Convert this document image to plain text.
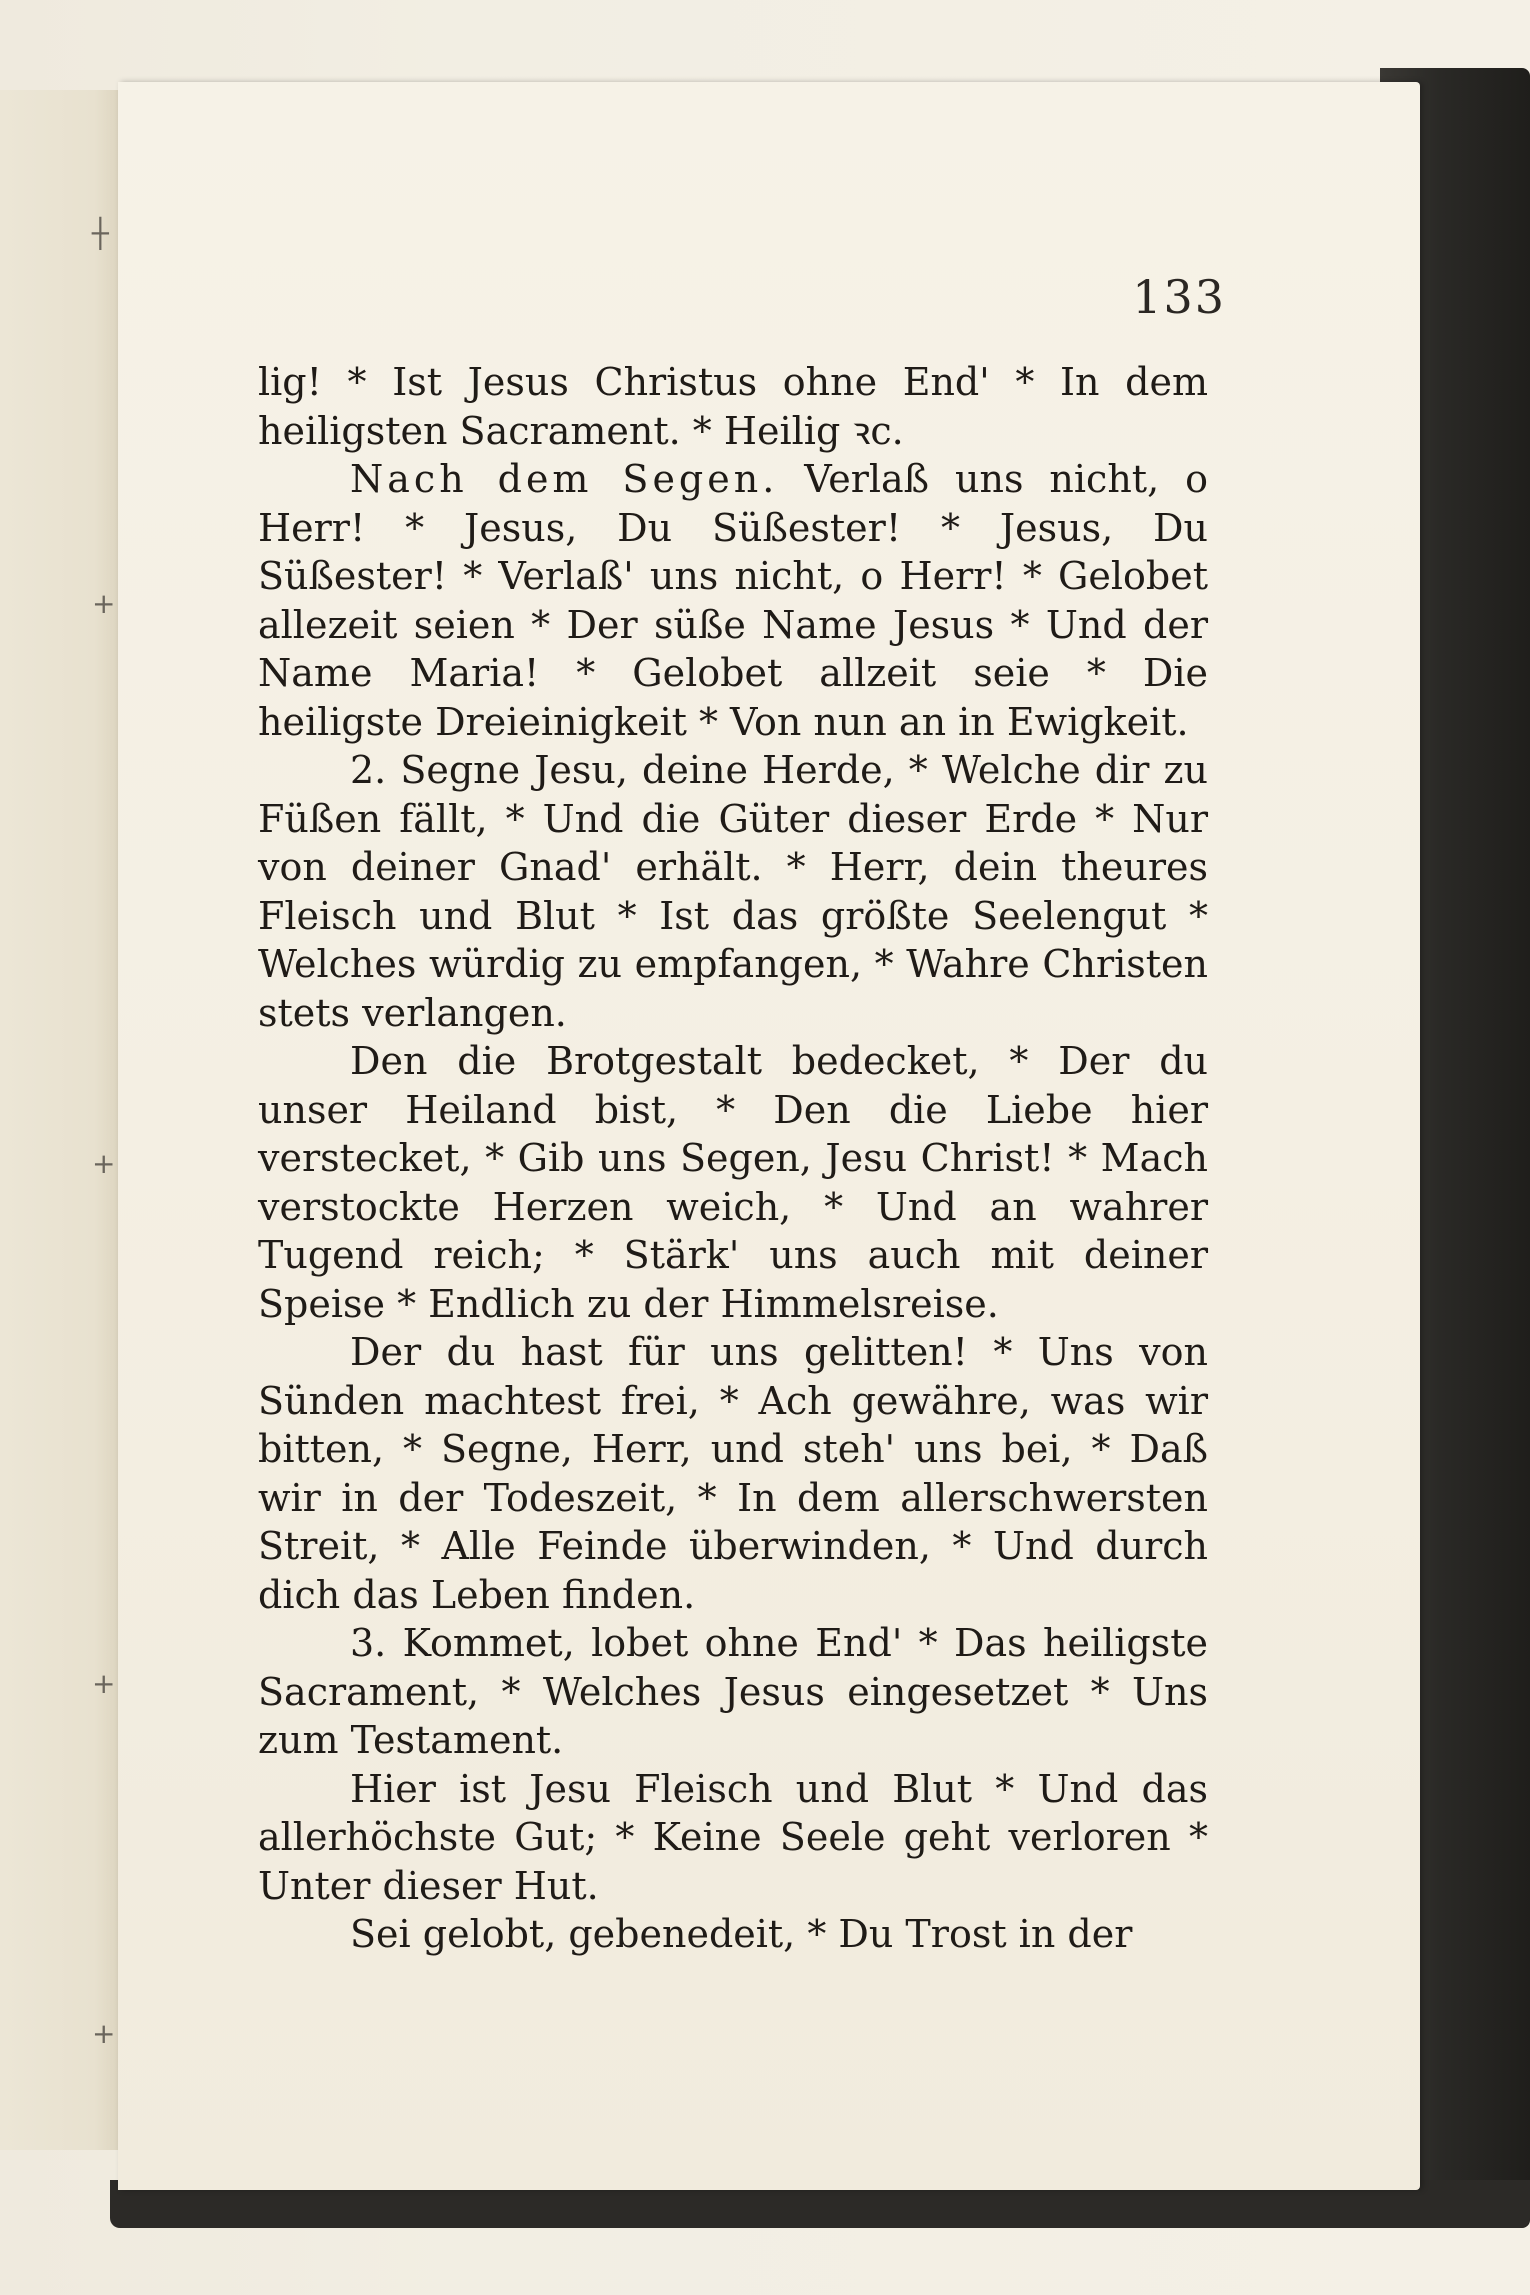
┼
+
+
+
+
133

lig! * Ist Jesus Christus ohne End' * In dem heiligsten Sacrament. * Heilig ꝛc.

Nach dem Segen. Verlaß uns nicht, o Herr! * Jesus, Du Süßester! * Jesus, Du Süßester! * Verlaß' uns nicht, o Herr! * Gelobet allezeit seien * Der süße Name Jesus * Und der Name Maria! * Gelobet allzeit seie * Die heiligste Dreieinigkeit * Von nun an in Ewigkeit.

2. Segne Jesu, deine Herde, * Welche dir zu Füßen fällt, * Und die Güter dieser Erde * Nur von deiner Gnad' erhält. * Herr, dein theures Fleisch und Blut * Ist das größte Seelengut * Welches würdig zu empfangen, * Wahre Christen stets verlangen.

Den die Brotgestalt bedecket, * Der du unser Heiland bist, * Den die Liebe hier verstecket, * Gib uns Segen, Jesu Christ! * Mach verstockte Herzen weich, * Und an wahrer Tugend reich; * Stärk' uns auch mit deiner Speise * Endlich zu der Himmelsreise.

Der du hast für uns gelitten! * Uns von Sünden machtest frei, * Ach gewähre, was wir bitten, * Segne, Herr, und steh' uns bei, * Daß wir in der Todeszeit, * In dem allerschwersten Streit, * Alle Feinde überwinden, * Und durch dich das Leben finden.

3. Kommet, lobet ohne End' * Das heiligste Sacrament, * Welches Jesus eingesetzet * Uns zum Testament.

Hier ist Jesu Fleisch und Blut * Und das allerhöchste Gut; * Keine Seele geht verloren * Unter dieser Hut.

Sei gelobt, gebenedeit, * Du Trost in der
